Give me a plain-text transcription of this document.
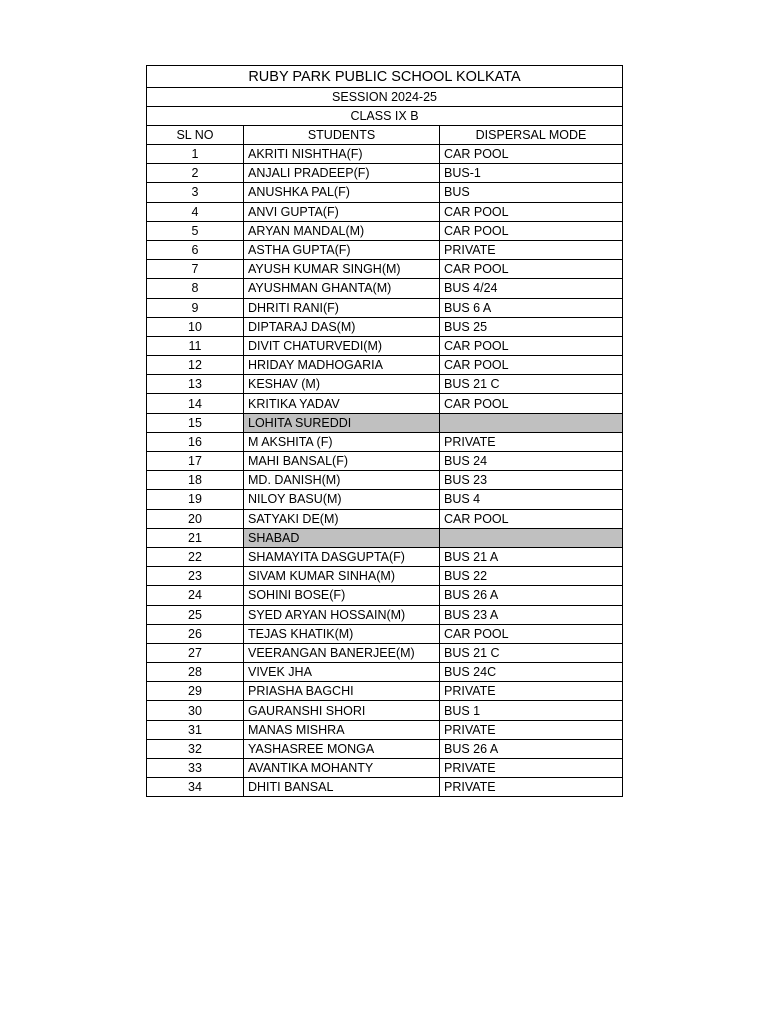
RUBY PARK PUBLIC SCHOOL KOLKATA		
SESSION 2024-25		
CLASS IX B		
SL NO	STUDENTS	DISPERSAL MODE
1	AKRITI NISHTHA(F)	CAR POOL
2	ANJALI PRADEEP(F)	BUS-1
3	ANUSHKA PAL(F)	BUS
4	ANVI GUPTA(F)	CAR POOL
5	ARYAN MANDAL(M)	CAR POOL
6	ASTHA GUPTA(F)	PRIVATE
7	AYUSH KUMAR SINGH(M)	CAR POOL
8	AYUSHMAN GHANTA(M)	BUS 4/24
9	DHRITI RANI(F)	BUS 6 A
10	DIPTARAJ DAS(M)	BUS 25
11	DIVIT CHATURVEDI(M)	CAR POOL
12	HRIDAY MADHOGARIA	CAR POOL
13	KESHAV (M)	BUS 21 C
14	KRITIKA YADAV	CAR POOL
15	LOHITA SUREDDI	
16	M AKSHITA (F)	PRIVATE
17	MAHI BANSAL(F)	BUS 24
18	MD. DANISH(M)	BUS 23
19	NILOY BASU(M)	BUS 4
20	SATYAKI DE(M)	CAR POOL
21	SHABAD	
22	SHAMAYITA DASGUPTA(F)	BUS 21 A
23	SIVAM KUMAR SINHA(M)	BUS 22
24	SOHINI BOSE(F)	BUS 26 A
25	SYED ARYAN HOSSAIN(M)	BUS 23 A
26	TEJAS KHATIK(M)	CAR POOL
27	VEERANGAN BANERJEE(M)	BUS 21 C
28	VIVEK JHA	BUS 24C
29	PRIASHA BAGCHI	PRIVATE
30	GAURANSHI SHORI	BUS 1
31	MANAS MISHRA	PRIVATE
32	YASHASREE MONGA	BUS 26 A
33	AVANTIKA MOHANTY	PRIVATE
34	DHITI BANSAL	PRIVATE
